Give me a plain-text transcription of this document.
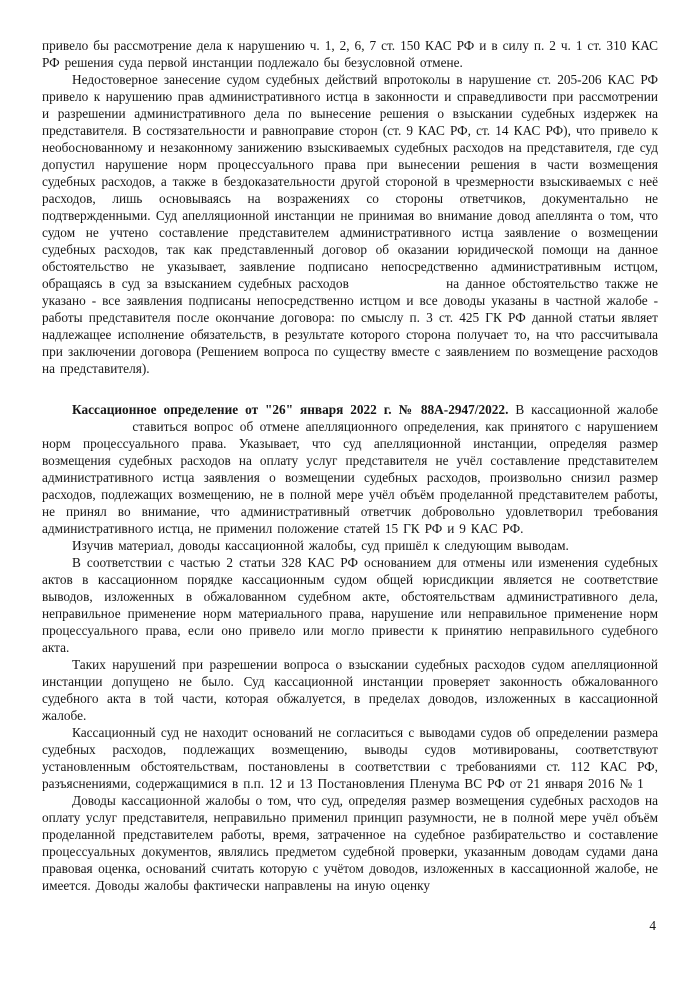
привело бы рассмотрение дела к нарушению ч. 1, 2, 6, 7 ст. 150 КАС РФ и в силу п. 2 ч. 1 ст. 310 КАС РФ решения суда первой инстанции подлежало бы безусловной отмене.

Недостоверное занесение судом судебных действий впротоколы в нарушение ст. 205-206 КАС РФ привело к нарушению прав административного истца в законности и справедливости при рассмотрении и разрешении административного дела по вынесение решения о взыскании судебных издержек на представителя. В состязательности и равноправие сторон (ст. 9 КАС РФ, ст. 14 КАС РФ), что привело к необоснованному и незаконному занижению взыскиваемых судебных расходов на представителя, где суд допустил нарушение норм процессуального права при вынесении решения в части возмещения судебных расходов, а также в бездоказательности другой стороной в чрезмерности взыскиваемых с неё расходов, лишь основываясь на возражениях со стороны ответчиков, документально не подтвержденными. Суд апелляционной инстанции не принимая во внимание довод апеллянта о том, что судом не учтено составление представителем административного истца заявление о возмещении судебных расходов, так как представленный договор об оказании юридической помощи на данное обстоятельство не указывает, заявление подписано непосредственно административным истцом, обращаясь в суд за взысканием судебных расходов	на данное обстоятельство также не указано - все заявления подписаны непосредственно истцом и все доводы указаны в частной жалобе - работы представителя после окончание договора: по смыслу п. 3 ст. 425 ГК РФ данной статьи являет надлежащее исполнение обязательств, в результате которого сторона получает то, на что рассчитывала при заключении договора (Решением вопроса по существу вместе с заявлением по возмещение расходов на представителя).

Кассационное определение от "26" января 2022 г. № 88А-2947/2022. В кассационной жалобе  ставиться вопрос об отмене апелляционного определения, как принятого с нарушением норм процессуального права. Указывает, что суд апелляционной инстанции, определяя размер возмещения судебных расходов на оплату услуг представителя не учёл составление представителем административного истца заявления о возмещении судебных расходов, произвольно снизил размер расходов, подлежащих возмещению, не в полной мере учёл объём проделанной представителем работы, не принял во внимание, что административный ответчик добровольно удовлетворил требования административного истца, не применил положение статей 15 ГК РФ и 9 КАС РФ.

Изучив материал, доводы кассационной жалобы, суд пришёл к следующим выводам.

В соответствии с частью 2 статьи 328 КАС РФ основанием для отмены или изменения судебных актов в кассационном порядке кассационным судом общей юрисдикции является не соответствие выводов, изложенных в обжалованном судебном акте, обстоятельствам административного дела, неправильное применение норм материального права, нарушение или неправильное применение норм процессуального права, если оно привело или могло привести к принятию неправильного судебного акта.

Таких нарушений при разрешении вопроса о взыскании судебных расходов судом апелляционной инстанции допущено не было. Суд кассационной инстанции проверяет законность обжалованного судебного акта в той части, которая обжалуется, в пределах доводов, изложенных в кассационной жалобе.

Кассационный суд не находит оснований не согласиться с выводами судов об определении размера судебных расходов, подлежащих возмещению, выводы судов мотивированы, соответствуют установленным обстоятельствам, постановлены в соответствии с требованиями ст. 112 КАС РФ, разъяснениями, содержащимися в п.п. 12 и 13 Постановления Пленума ВС РФ от 21 января 2016 № 1

Доводы кассационной жалобы о том, что суд, определяя размер возмещения судебных расходов на оплату услуг представителя, неправильно применил принцип разумности, не в полной мере учёл объём проделанной представителем работы, время, затраченное на судебное разбирательство и составление процессуальных документов, являлись предметом судебной проверки, указанным доводам судами дана правовая оценка, оснований считать которую с учётом доводов, изложенных в кассационной жалобе, не имеется. Доводы жалобы фактически направлены на иную оценку

4
